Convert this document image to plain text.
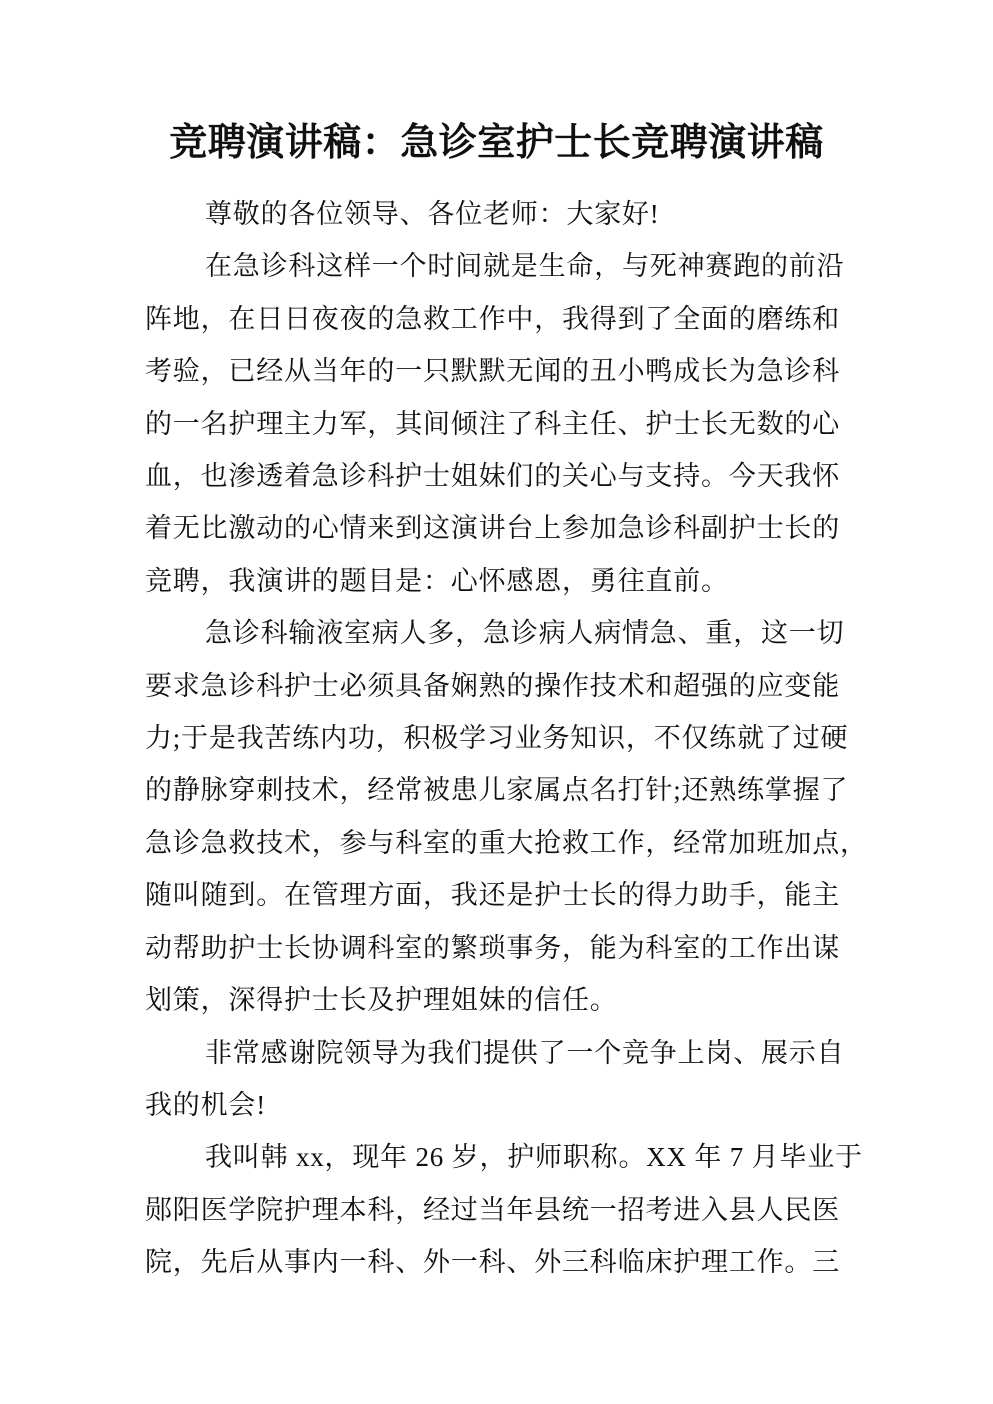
竞聘演讲稿：急诊室护士长竞聘演讲稿
尊敬的各位领导、各位老师：大家好!
在急诊科这样一个时间就是生命，与死神赛跑的前沿
阵地，在日日夜夜的急救工作中，我得到了全面的磨练和
考验，已经从当年的一只默默无闻的丑小鸭成长为急诊科
的一名护理主力军，其间倾注了科主任、护士长无数的心
血，也渗透着急诊科护士姐妹们的关心与支持。今天我怀
着无比激动的心情来到这演讲台上参加急诊科副护士长的
竞聘，我演讲的题目是：心怀感恩，勇往直前。
急诊科输液室病人多，急诊病人病情急、重，这一切
要求急诊科护士必须具备娴熟的操作技术和超强的应变能
力;于是我苦练内功，积极学习业务知识，不仅练就了过硬
的静脉穿刺技术，经常被患儿家属点名打针;还熟练掌握了
急诊急救技术，参与科室的重大抢救工作，经常加班加点，
随叫随到。在管理方面，我还是护士长的得力助手，能主
动帮助护士长协调科室的繁琐事务，能为科室的工作出谋
划策，深得护士长及护理姐妹的信任。
非常感谢院领导为我们提供了一个竞争上岗、展示自
我的机会!
我叫韩 xx，现年 26 岁，护师职称。XX 年 7 月毕业于
郧阳医学院护理本科，经过当年县统一招考进入县人民医
院，先后从事内一科、外一科、外三科临床护理工作。三
